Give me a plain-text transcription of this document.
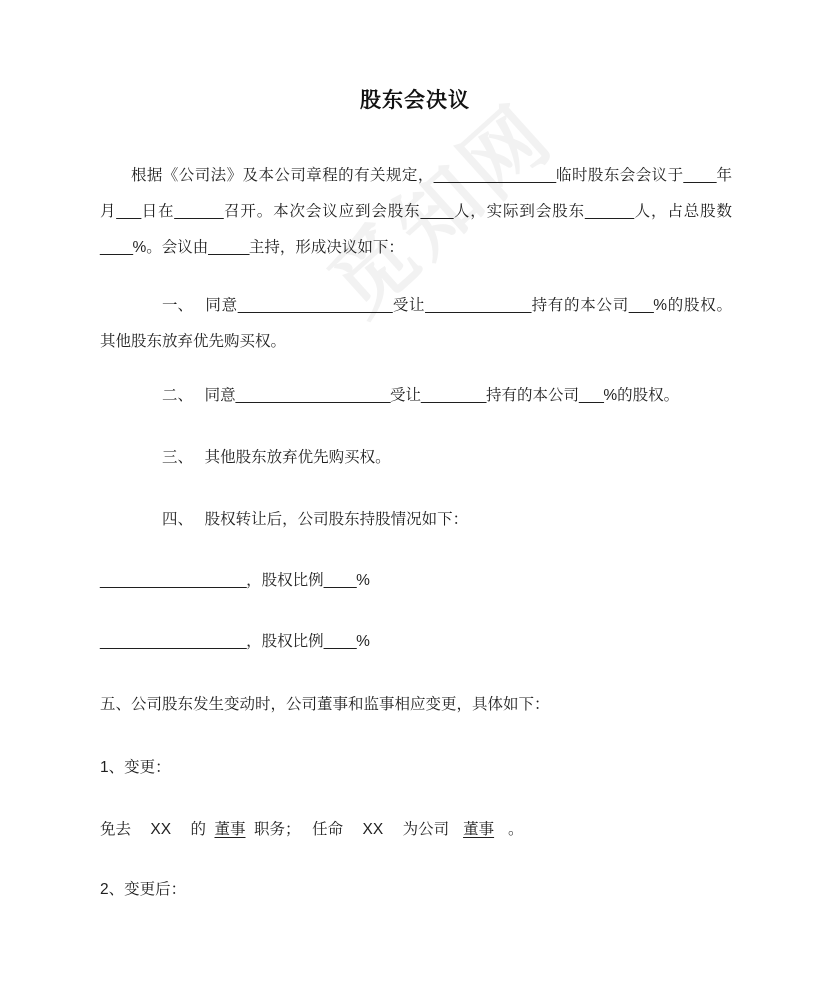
股东会决议
根据《公司法》及本公司章程的有关规定，_______________临时股东会会议于____年月___日在______召开。本次会议应到会股东____人，实际到会股东______人，占总股数____%。会议由_____主持，形成决议如下：
一、 同意___________________受让_____________持有的本公司___%的股权。其他股东放弃优先购买权。
二、 同意___________________受让________持有的本公司___%的股权。
三、 其他股东放弃优先购买权。
四、 股权转让后，公司股东持股情况如下：
__________________，股权比例____%
__________________，股权比例____%
五、公司股东发生变动时，公司董事和监事相应变更，具体如下：
1、变更：
免去 XX 的 董事 职务； 任命 XX 为公司 董事 。
2、变更后：
